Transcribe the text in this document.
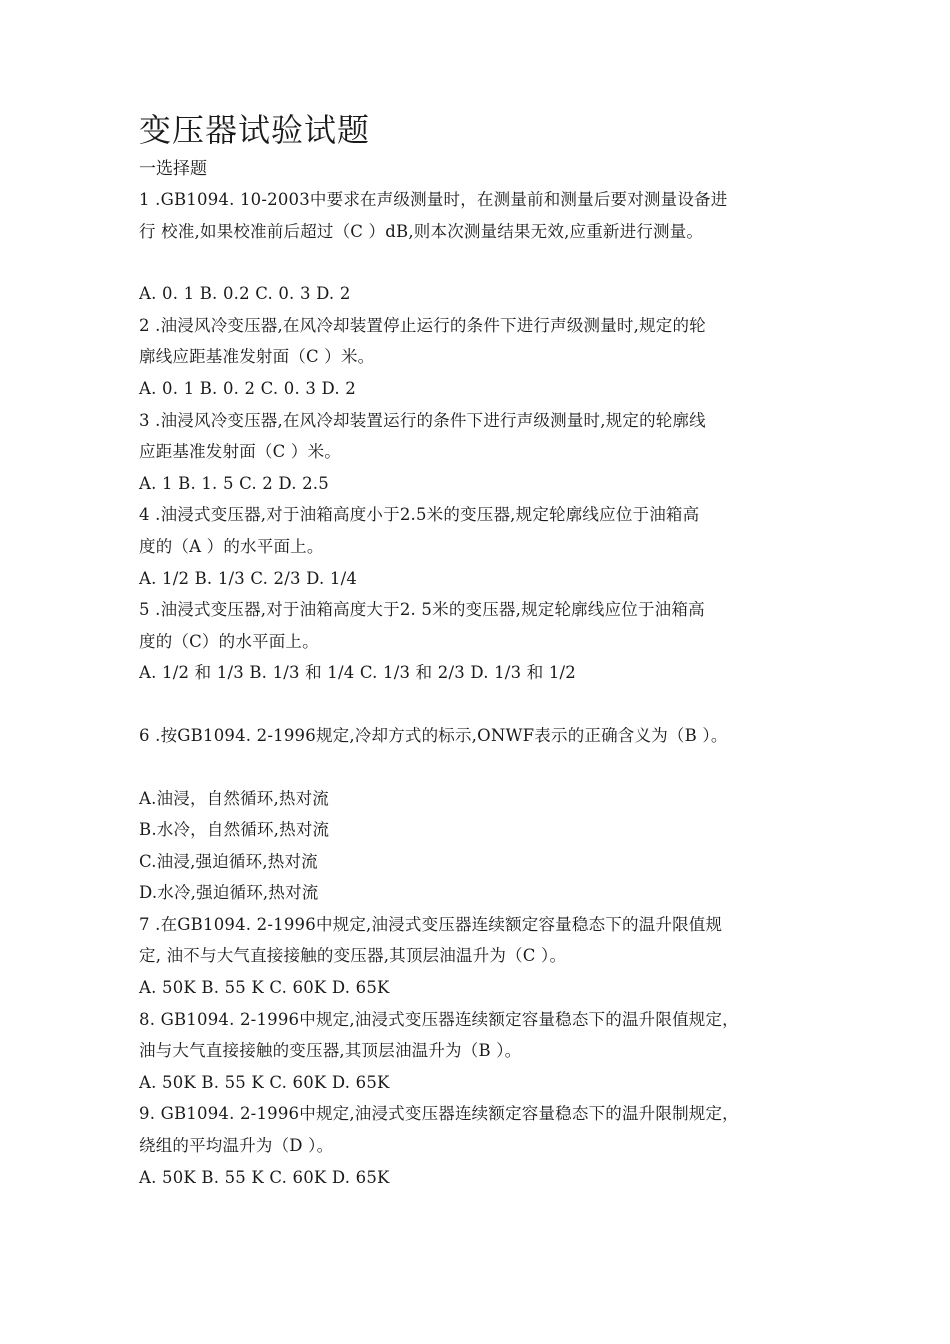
变压器试验试题
一选择题
1 .GB1094. 10-2003中要求在声级测量时，在测量前和测量后要对测量设备进
行 校准,如果校准前后超过（C ）dB,则本次测量结果无效,应重新进行测量。
A. 0. 1 B. 0.2 C. 0. 3 D. 2
2 .油浸风冷变压器,在风冷却装置停止运行的条件下进行声级测量时,规定的轮
廓线应距基准发射面（C ）米。
A. 0. 1 B. 0. 2 C. 0. 3 D. 2
3 .油浸风冷变压器,在风冷却装置运行的条件下进行声级测量时,规定的轮廓线
应距基准发射面（C ）米。
A. 1 B. 1. 5 C. 2 D. 2.5
4 .油浸式变压器,对于油箱高度小于2.5米的变压器,规定轮廓线应位于油箱高
度的（A ）的水平面上。
A. 1/2 B. 1/3 C. 2/3 D. 1/4
5 .油浸式变压器,对于油箱高度大于2. 5米的变压器,规定轮廓线应位于油箱高
度的（C）的水平面上。
A. 1/2 和 1/3 B. 1/3 和 1/4 C. 1/3 和 2/3 D. 1/3 和 1/2
6 .按GB1094. 2-1996规定,冷却方式的标示,ONWF表示的正确含义为（B ）。
A.油浸，自然循环,热对流
B.水冷，自然循环,热对流
C.油浸,强迫循环,热对流
D.水冷,强迫循环,热对流
7 .在GB1094. 2-1996中规定,油浸式变压器连续额定容量稳态下的温升限值规
定, 油不与大气直接接触的变压器,其顶层油温升为（C ）。
A. 50K B. 55 K C. 60K D. 65K
8. GB1094. 2-1996中规定,油浸式变压器连续额定容量稳态下的温升限值规定，
油与大气直接接触的变压器,其顶层油温升为（B ）。
A. 50K B. 55 K C. 60K D. 65K
9. GB1094. 2-1996中规定,油浸式变压器连续额定容量稳态下的温升限制规定，
绕组的平均温升为（D ）。
A. 50K B. 55 K C. 60K D. 65K
